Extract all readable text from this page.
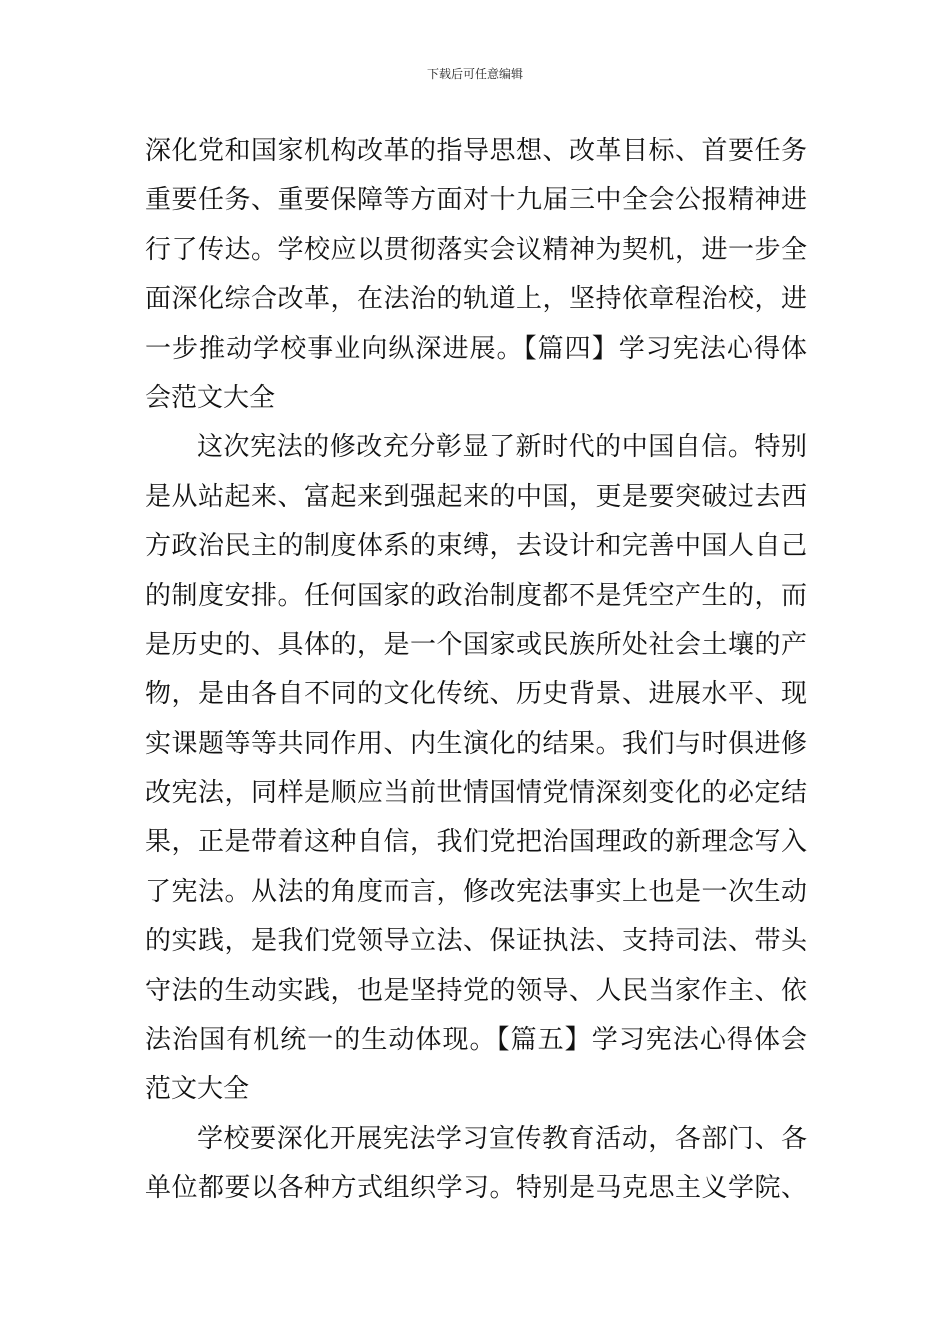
下载后可任意编辑
深化党和国家机构改革的指导思想、改革目标、首要任务
重要任务、重要保障等方面对十九届三中全会公报精神进
行了传达。学校应以贯彻落实会议精神为契机，进一步全
面深化综合改革，在法治的轨道上，坚持依章程治校，进
一步推动学校事业向纵深进展。【篇四】学习宪法心得体
会范文大全
这次宪法的修改充分彰显了新时代的中国自信。特别
是从站起来、富起来到强起来的中国，更是要突破过去西
方政治民主的制度体系的束缚，去设计和完善中国人自己
的制度安排。任何国家的政治制度都不是凭空产生的，而
是历史的、具体的，是一个国家或民族所处社会土壤的产
物，是由各自不同的文化传统、历史背景、进展水平、现
实课题等等共同作用、内生演化的结果。我们与时俱进修
改宪法，同样是顺应当前世情国情党情深刻变化的必定结
果，正是带着这种自信，我们党把治国理政的新理念写入
了宪法。从法的角度而言，修改宪法事实上也是一次生动
的实践，是我们党领导立法、保证执法、支持司法、带头
守法的生动实践，也是坚持党的领导、人民当家作主、依
法治国有机统一的生动体现。【篇五】学习宪法心得体会
范文大全
学校要深化开展宪法学习宣传教育活动，各部门、各
单位都要以各种方式组织学习。特别是马克思主义学院、
